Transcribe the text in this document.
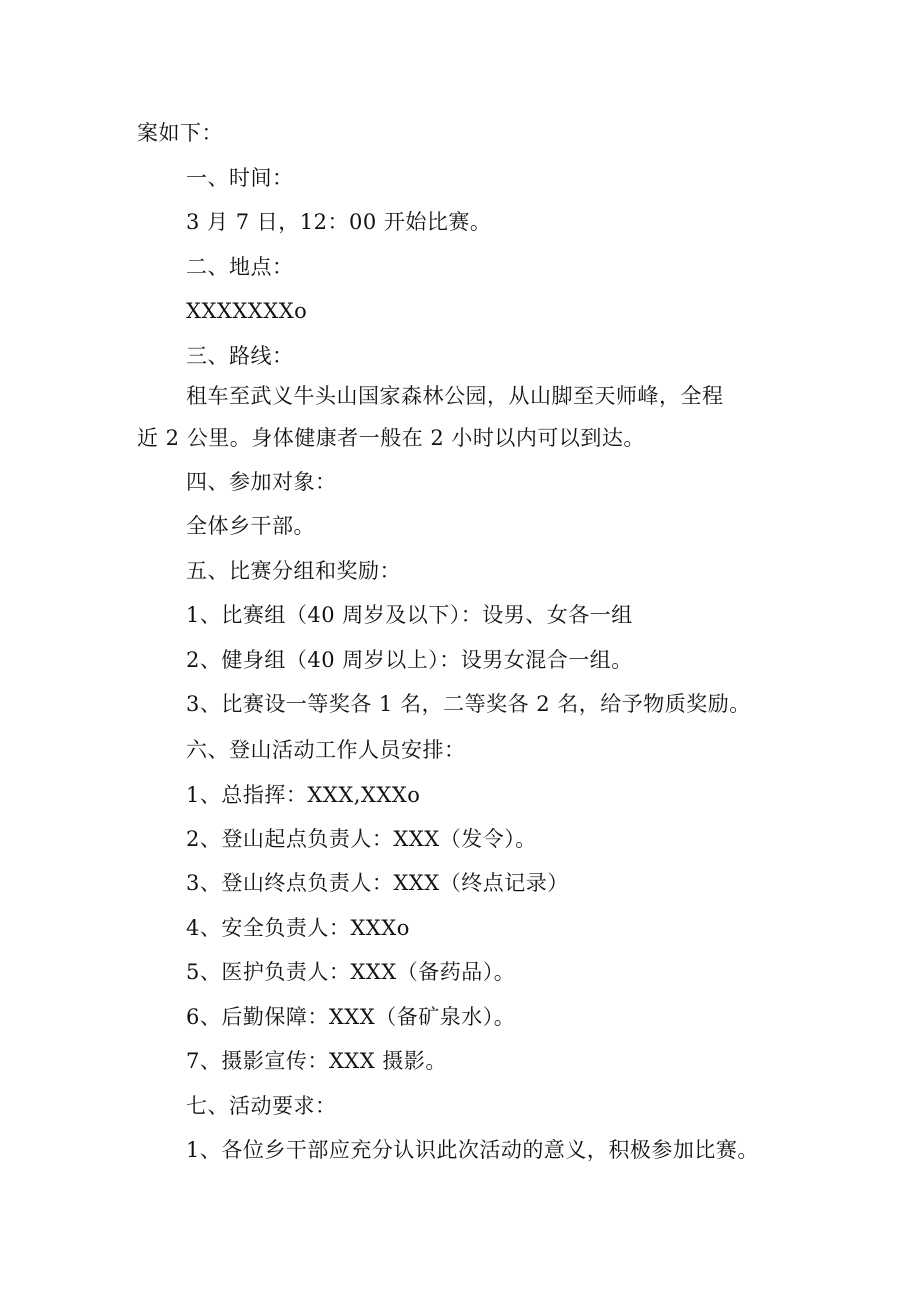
案如下：
一、时间：
3 月 7 日，12：00 开始比赛。
二、地点：
XXXXXXXo
三、路线：
租车至武义牛头山国家森林公园，从山脚至天师峰，全程
近 2 公里。身体健康者一般在 2 小时以内可以到达。
四、参加对象：
全体乡干部。
五、比赛分组和奖励：
1、比赛组（40 周岁及以下）：设男、女各一组
2、健身组（40 周岁以上）：设男女混合一组。
3、比赛设一等奖各 1 名，二等奖各 2 名，给予物质奖励。
六、登山活动工作人员安排：
1、总指挥：XXX,XXXo
2、登山起点负责人：XXX（发令）。
3、登山终点负责人：XXX（终点记录）
4、安全负责人：XXXo
5、医护负责人：XXX（备药品）。
6、后勤保障：XXX（备矿泉水）。
7、摄影宣传：XXX 摄影。
七、活动要求：
1、各位乡干部应充分认识此次活动的意义，积极参加比赛。
